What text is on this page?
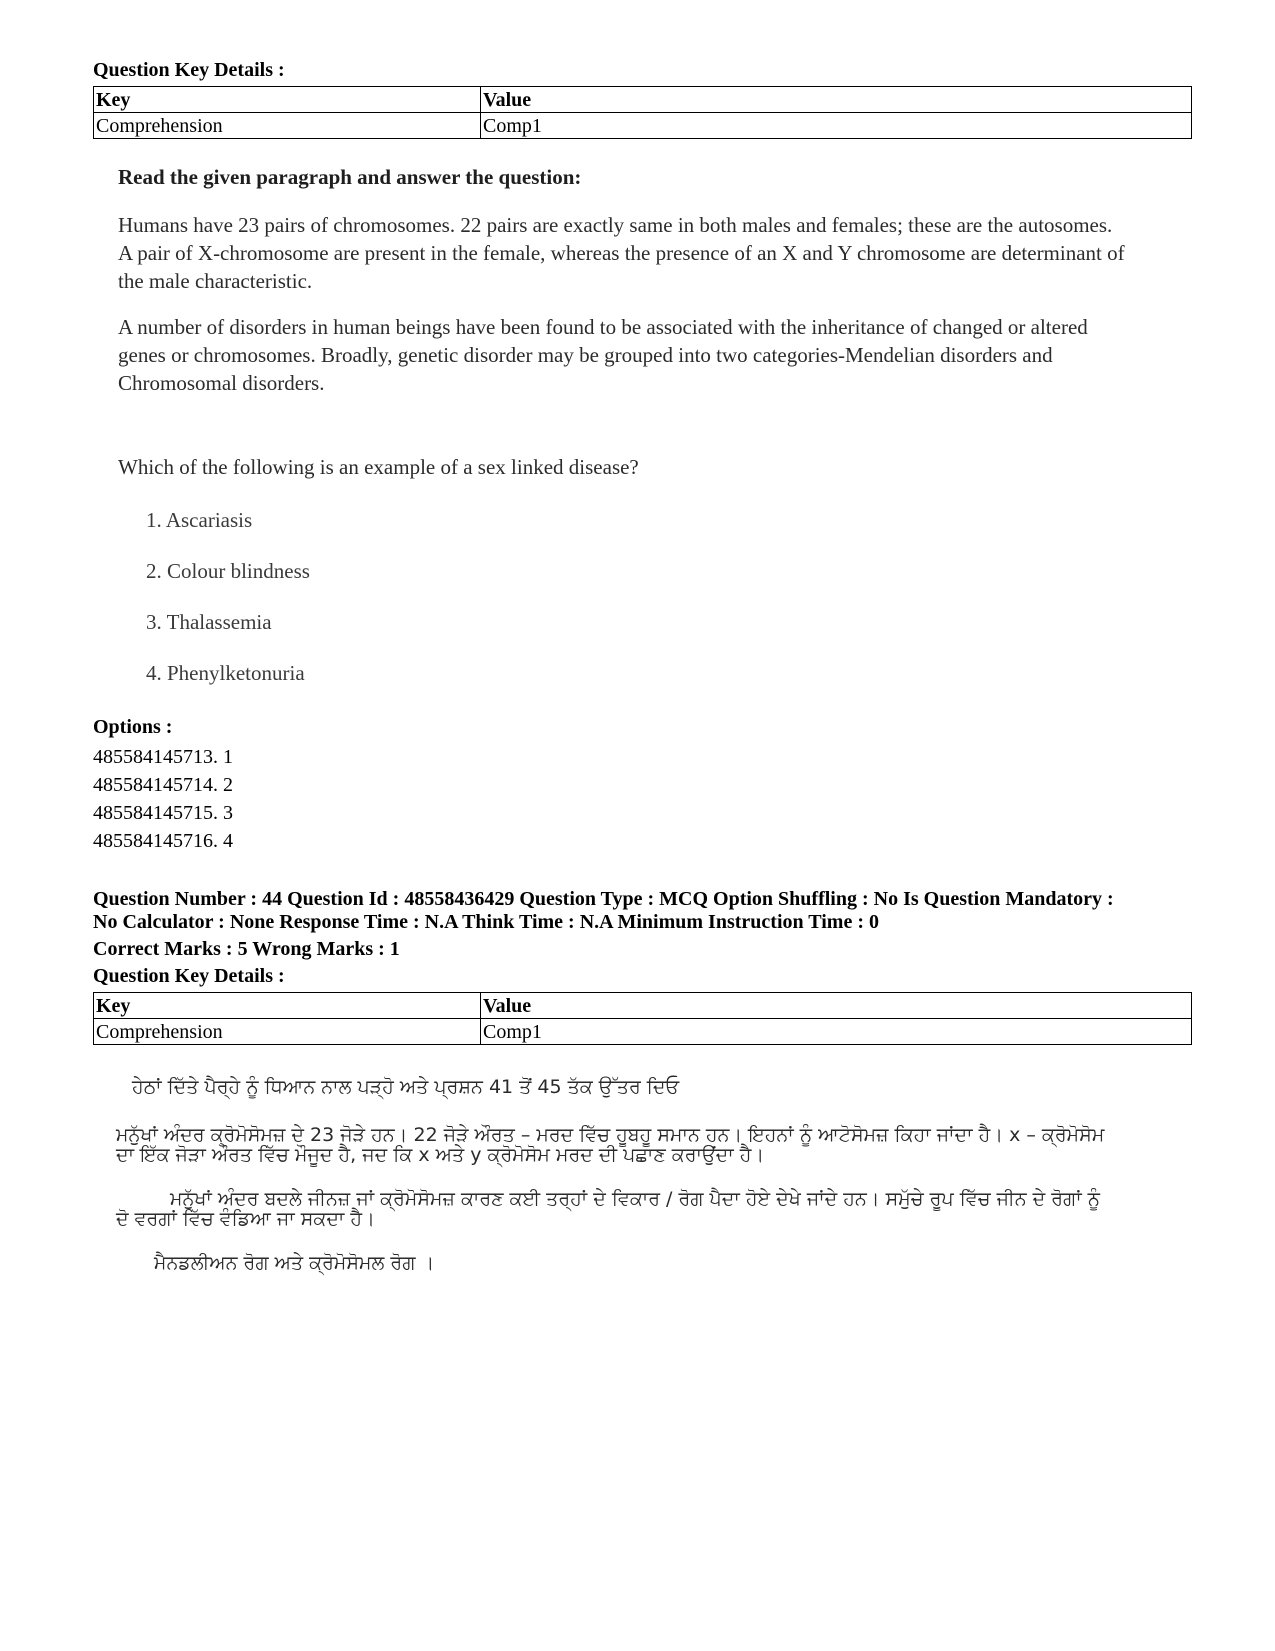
Question Key Details :

Key	Value
Comprehension	Comp1

Read the given paragraph and answer the question:

Humans have 23 pairs of chromosomes. 22 pairs are exactly same in both males and females; these are the autosomes. A pair of X-chromosome are present in the female, whereas the presence of an X and Y chromosome are determinant of the male characteristic.

A number of disorders in human beings have been found to be associated with the inheritance of changed or altered genes or chromosomes. Broadly, genetic disorder may be grouped into two categories-Mendelian disorders and Chromosomal disorders.

Which of the following is an example of a sex linked disease?

1. Ascariasis

2. Colour blindness

3. Thalassemia

4. Phenylketonuria

Options :

485584145713. 1
485584145714. 2
485584145715. 3
485584145716. 4
Question Number : 44 Question Id : 48558436429 Question Type : MCQ Option Shuffling : No Is Question Mandatory :
No Calculator : None Response Time : N.A Think Time : N.A Minimum Instruction Time : 0
Correct Marks : 5 Wrong Marks : 1

Question Key Details :

Key	Value
Comprehension	Comp1
ਹੇਠਾਂ ਦਿੱਤੇ ਪੈਰ੍ਹੇ ਨੂੰ ਧਿਆਨ ਨਾਲ ਪੜ੍ਹੋ ਅਤੇ ਪ੍ਰਸ਼ਨ 41 ਤੋਂ 45 ਤੱਕ ਉੱਤਰ ਦਿਓ
ਮਨੁੱਖਾਂ ਅੰਦਰ ਕ੍ਰੋਮੋਸੋਮਜ਼ ਦੇ 23 ਜੋੜੇ ਹਨ। 22 ਜੋੜੇ ਔਰਤ – ਮਰਦ ਵਿੱਚ ਹੂਬਹੂ ਸਮਾਨ ਹਨ। ਇਹਨਾਂ ਨੂੰ ਆਟੋਸੋਮਜ਼ ਕਿਹਾ ਜਾਂਦਾ ਹੈ। x – ਕ੍ਰੋਮੋਸੋਮ
ਦਾ ਇੱਕ ਜੋੜਾ ਔਰਤ ਵਿੱਚ ਮੌਜੂਦ ਹੈ, ਜਦ ਕਿ x ਅਤੇ y ਕ੍ਰੋਮੋਸੋਮ ਮਰਦ ਦੀ ਪਛਾਣ ਕਰਾਉਂਦਾ ਹੈ।
ਮਨੁੱਖਾਂ ਅੰਦਰ ਬਦਲੇ ਜੀਨਜ਼ ਜਾਂ ਕ੍ਰੋਮੋਸੋਮਜ਼ ਕਾਰਣ ਕਈ ਤਰ੍ਹਾਂ ਦੇ ਵਿਕਾਰ / ਰੋਗ ਪੈਦਾ ਹੋਏ ਦੇਖੇ ਜਾਂਦੇ ਹਨ। ਸਮੁੱਚੇ ਰੂਪ ਵਿੱਚ ਜੀਨ ਦੇ ਰੋਗਾਂ ਨੂੰ
ਦੋ ਵਰਗਾਂ ਵਿੱਚ ਵੰਡਿਆ ਜਾ ਸਕਦਾ ਹੈ।
ਮੈਨਡਲੀਅਨ ਰੋਗ ਅਤੇ ਕ੍ਰੋਮੋਸੋਮਲ ਰੋਗ ।
